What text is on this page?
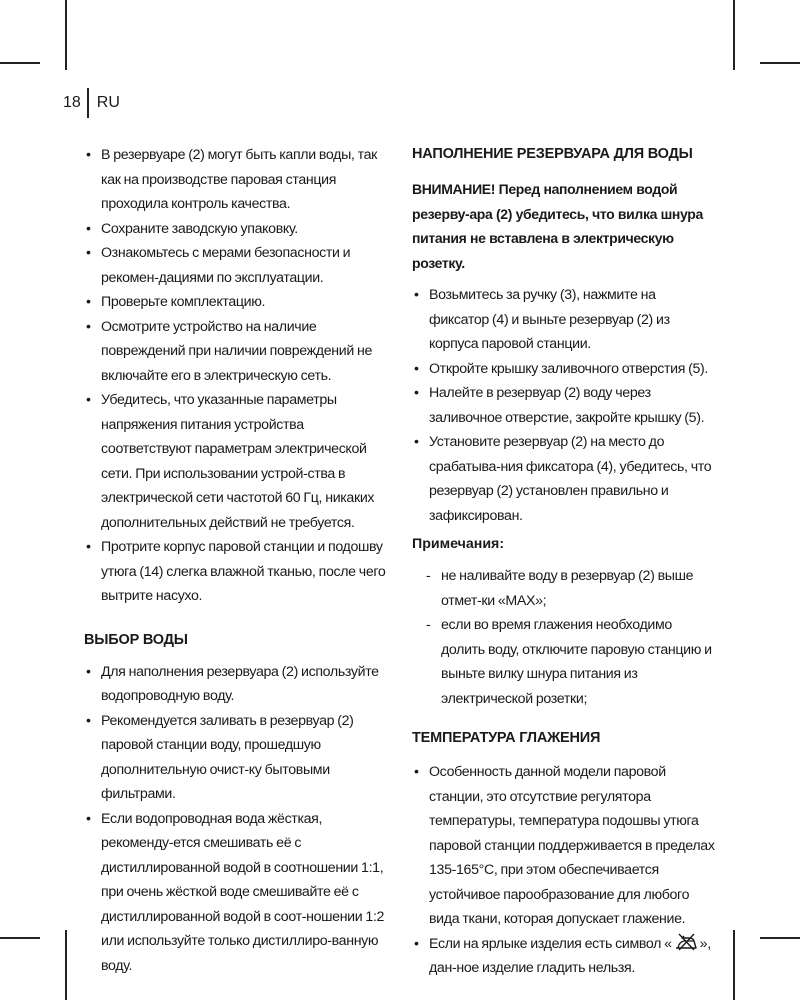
18 RU
• В резервуаре (2) могут быть капли воды, так как на производстве паровая станция проходила контроль качества.
• Сохраните заводскую упаковку.
• Ознакомьтесь с мерами безопасности и рекомен-дациями по эксплуатации.
• Проверьте комплектацию.
• Осмотрите устройство на наличие повреждений при наличии повреждений не включайте его в электрическую сеть.
• Убедитесь, что указанные параметры напряжения питания устройства соответствуют параметрам электрической сети. При использовании устрой-ства в электрической сети частотой 60 Гц, никаких дополнительных действий не требуется.
• Протрите корпус паровой станции и подошву утюга (14) слегка влажной тканью, после чего вытрите насухо.
ВЫБОР ВОДЫ
• Для наполнения резервуара (2) используйте водопроводную воду.
• Рекомендуется заливать в резервуар (2) паровой станции воду, прошедшую дополнительную очист-ку бытовыми фильтрами.
• Если водопроводная вода жёсткая, рекоменду-ется смешивать её с дистиллированной водой в соотношении 1:1, при очень жёсткой воде смешивайте её с дистиллированной водой в соот-ношении 1:2 или используйте только дистиллиро-ванную воду.
НАПОЛНЕНИЕ РЕЗЕРВУАРА ДЛЯ ВОДЫ

ВНИМАНИЕ! Перед наполнением водой резерву-ара (2) убедитесь, что вилка шнура питания не вставлена в электрическую розетку.

• Возьмитесь за ручку (3), нажмите на фиксатор (4) и выньте резервуар (2) из корпуса паровой станции.
• Откройте крышку заливочного отверстия (5).
• Налейте в резервуар (2) воду через заливочное отверстие, закройте крышку (5).
• Установите резервуар (2) на место до срабатыва-ния фиксатора (4), убедитесь, что резервуар (2) установлен правильно и зафиксирован.

Примечания:

- не наливайте воду в резервуар (2) выше отмет-ки «MAX»;
- если во время глажения необходимо долить воду, отключите паровую станцию и выньте вилку шнура питания из электрической розетки;
ТЕМПЕРАТУРА ГЛАЖЕНИЯ
• Особенность данной модели паровой станции, это отсутствие регулятора температуры, температура подошвы утюга паровой станции поддерживается в пределах 135-165°С, при этом обеспечивается устойчивое парообразование для любого вида ткани, которая допускает глажение.
• Если на ярлыке изделия есть символ « », дан-ное изделие гладить нельзя.
